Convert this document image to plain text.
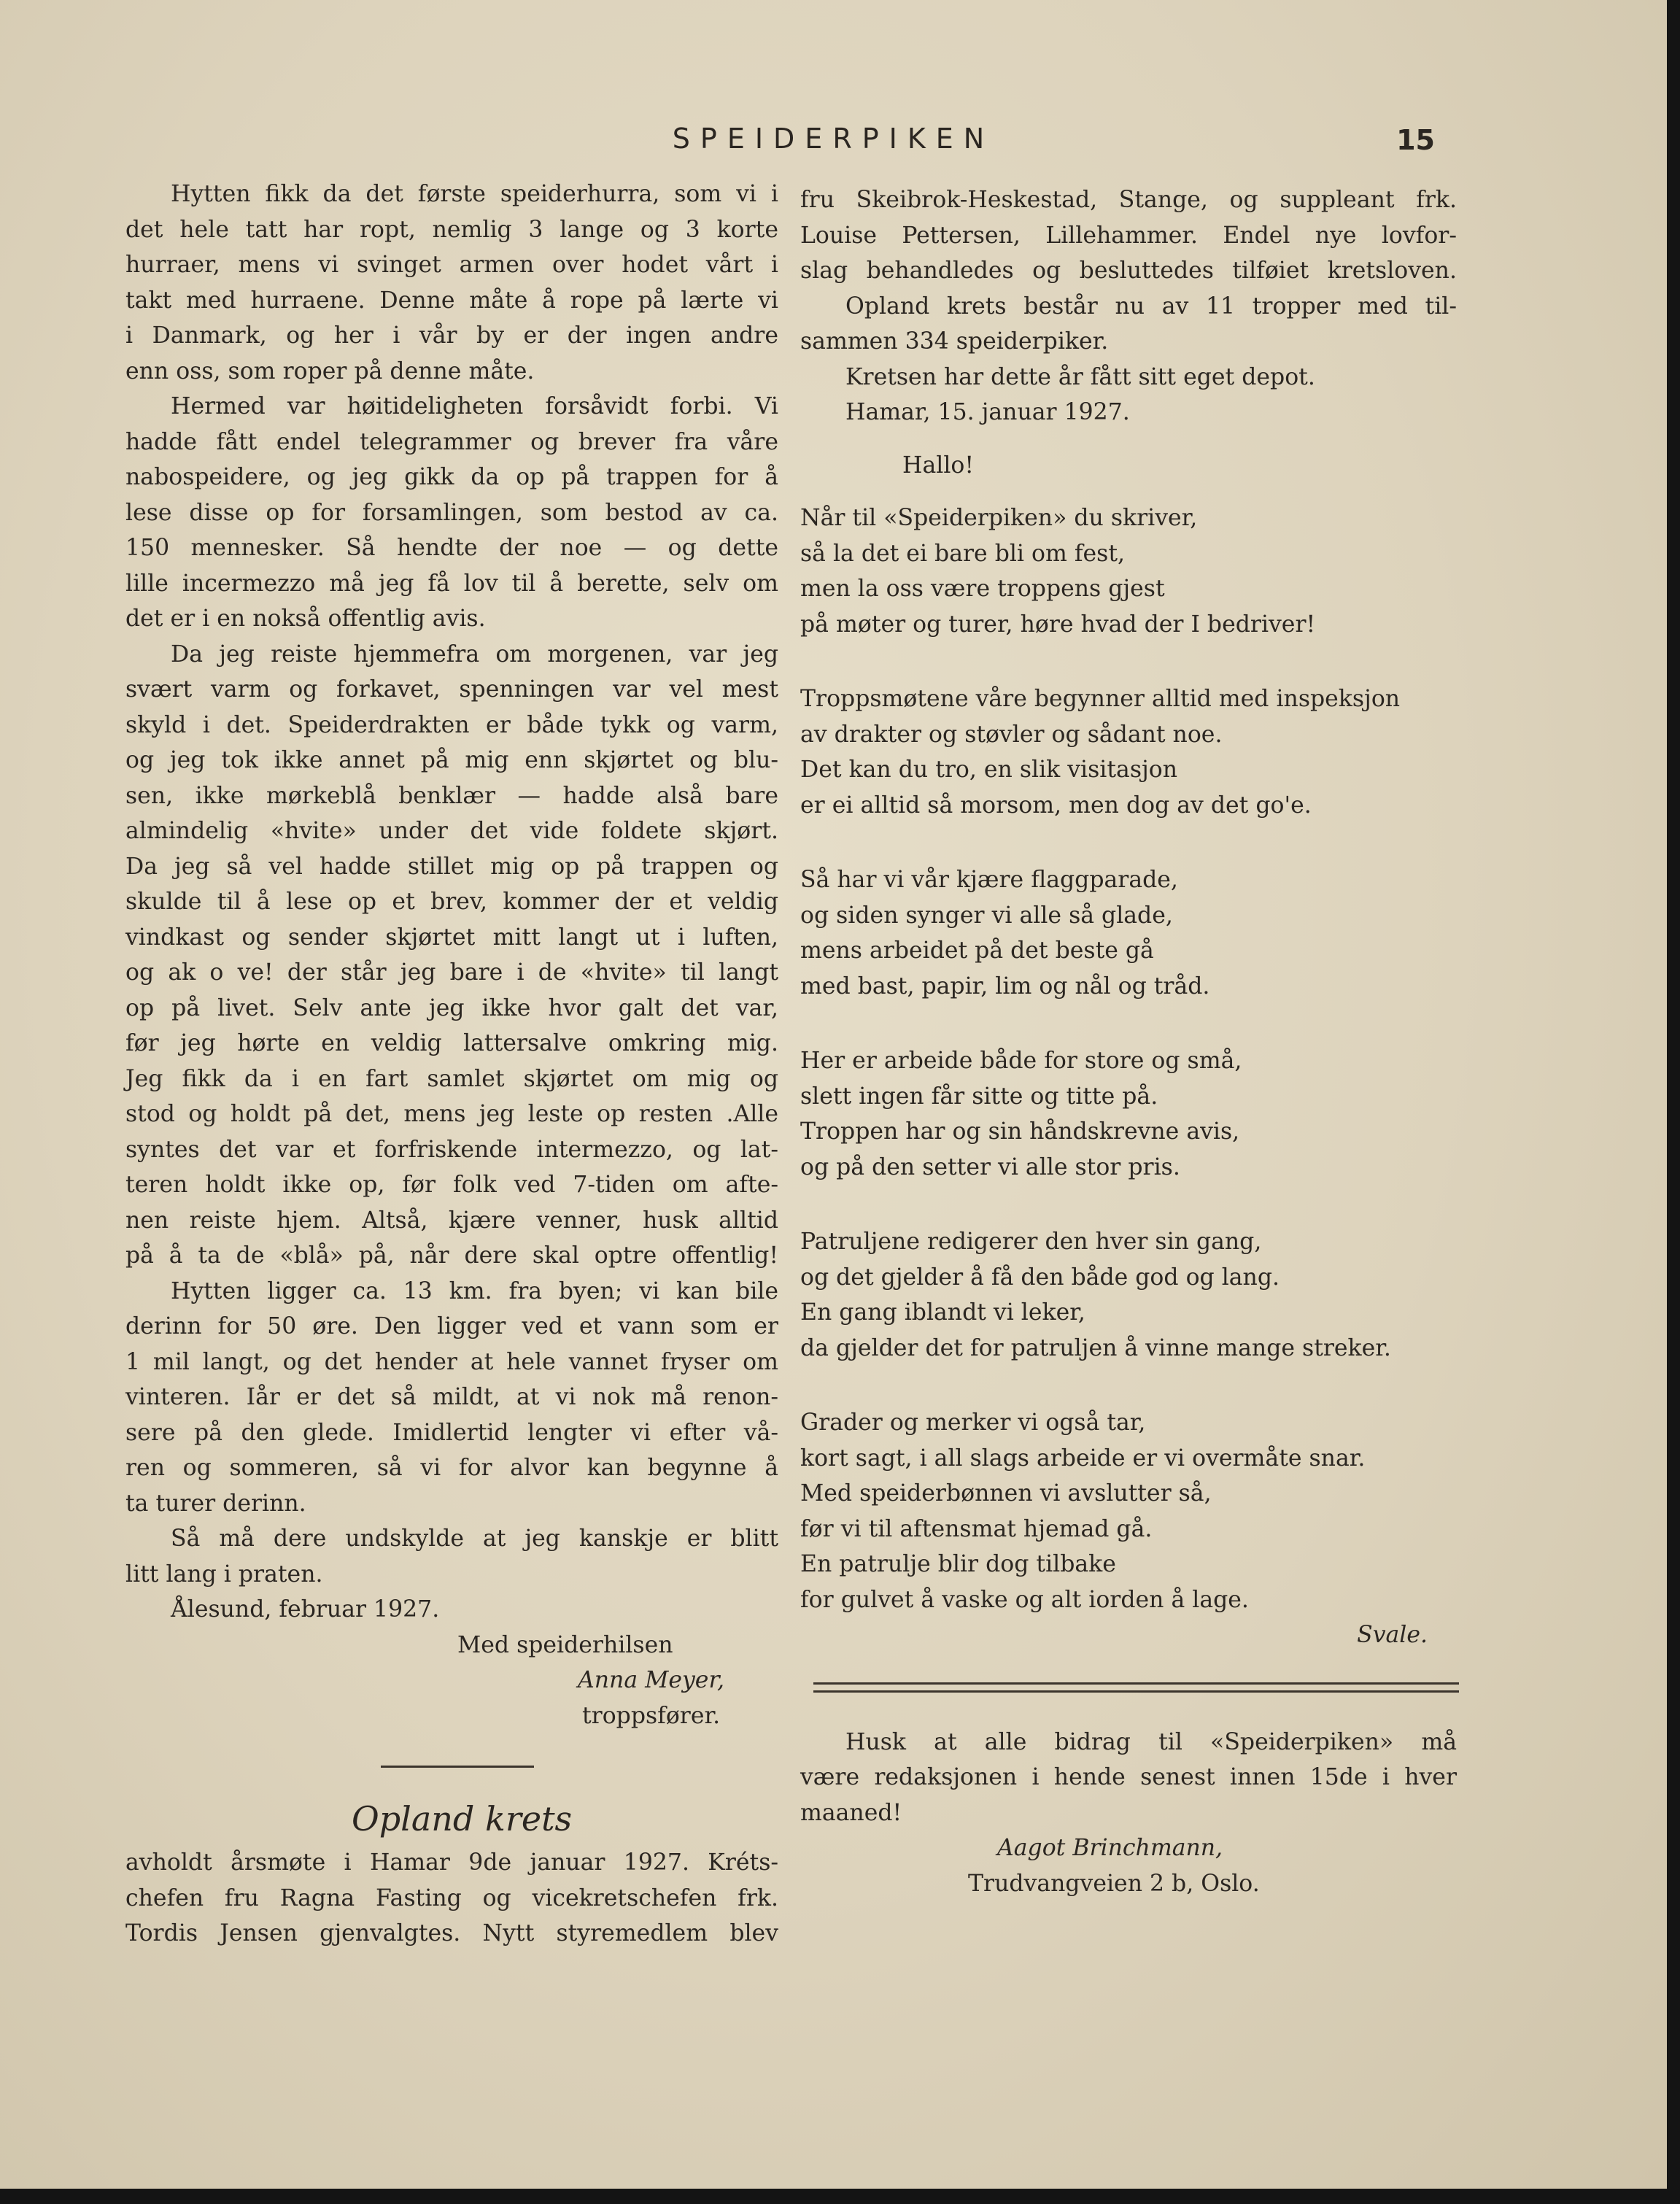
SPEIDERPIKEN	15
Hytten fikk da det første speiderhurra, som vi i
det hele tatt har ropt, nemlig 3 lange og 3 korte
hurraer, mens vi svinget armen over hodet vårt i
takt med hurraene. Denne måte å rope på lærte vi
i Danmark, og her i vår by er der ingen andre
enn oss, som roper på denne måte.
Hermed var høitideligheten forsåvidt forbi. Vi
hadde fått endel telegrammer og brever fra våre
nabospeidere, og jeg gikk da op på trappen for å
lese disse op for forsamlingen, som bestod av ca.
150 mennesker. Så hendte der noe — og dette
lille incermezzo må jeg få lov til å berette, selv om
det er i en nokså offentlig avis.
Da jeg reiste hjemmefra om morgenen, var jeg
svært varm og forkavet, spenningen var vel mest
skyld i det. Speiderdrakten er både tykk og varm,
og jeg tok ikke annet på mig enn skjørtet og blu-
sen, ikke mørkeblå benklær — hadde alså bare
almindelig «hvite» under det vide foldete skjørt.
Da jeg så vel hadde stillet mig op på trappen og
skulde til å lese op et brev, kommer der et veldig
vindkast og sender skjørtet mitt langt ut i luften,
og ak o ve! der står jeg bare i de «hvite» til langt
op på livet. Selv ante jeg ikke hvor galt det var,
før jeg hørte en veldig lattersalve omkring mig.
Jeg fikk da i en fart samlet skjørtet om mig og
stod og holdt på det, mens jeg leste op resten .Alle
syntes det var et forfriskende intermezzo, og lat-
teren holdt ikke op, før folk ved 7-tiden om afte-
nen reiste hjem. Altså, kjære venner, husk alltid
på å ta de «blå» på, når dere skal optre offentlig!
Hytten ligger ca. 13 km. fra byen; vi kan bile
derinn for 50 øre. Den ligger ved et vann som er
1 mil langt, og det hender at hele vannet fryser om
vinteren. Iår er det så mildt, at vi nok må renon-
sere på den glede. Imidlertid lengter vi efter vå-
ren og sommeren, så vi for alvor kan begynne å
ta turer derinn.
Så må dere undskylde at jeg kanskje er blitt
litt lang i praten.
Ålesund, februar 1927.
Med speiderhilsen
Anna Meyer,
troppsfører.
Opland krets
avholdt årsmøte i Hamar 9de januar 1927. Kréts-
chefen fru Ragna Fasting og vicekretschefen frk.
Tordis Jensen gjenvalgtes. Nytt styremedlem blev
fru Skeibrok-Heskestad, Stange, og suppleant frk.
Louise Pettersen, Lillehammer. Endel nye lovfor-
slag behandledes og besluttedes tilføiet kretsloven.
Opland krets består nu av 11 tropper med til-
sammen 334 speiderpiker.
Kretsen har dette år fått sitt eget depot.
Hamar, 15. januar 1927.
Hallo!
Når til «Speiderpiken» du skriver,
så la det ei bare bli om fest,
men la oss være troppens gjest
på møter og turer, høre hvad der I bedriver!
Troppsmøtene våre begynner alltid med inspeksjon
av drakter og støvler og sådant noe.
Det kan du tro, en slik visitasjon
er ei alltid så morsom, men dog av det go'e.
Så har vi vår kjære flaggparade,
og siden synger vi alle så glade,
mens arbeidet på det beste gå
med bast, papir, lim og nål og tråd.
Her er arbeide både for store og små,
slett ingen får sitte og titte på.
Troppen har og sin håndskrevne avis,
og på den setter vi alle stor pris.
Patruljene redigerer den hver sin gang,
og det gjelder å få den både god og lang.
En gang iblandt vi leker,
da gjelder det for patruljen å vinne mange streker.
Grader og merker vi også tar,
kort sagt, i all slags arbeide er vi overmåte snar.
Med speiderbønnen vi avslutter så,
før vi til aftensmat hjemad gå.
En patrulje blir dog tilbake
for gulvet å vaske og alt iorden å lage.
Svale.
Husk at alle bidrag til «Speiderpiken» må
være redaksjonen i hende senest innen 15de i hver
maaned!
Aagot Brinchmann,
Trudvangveien 2 b, Oslo.
